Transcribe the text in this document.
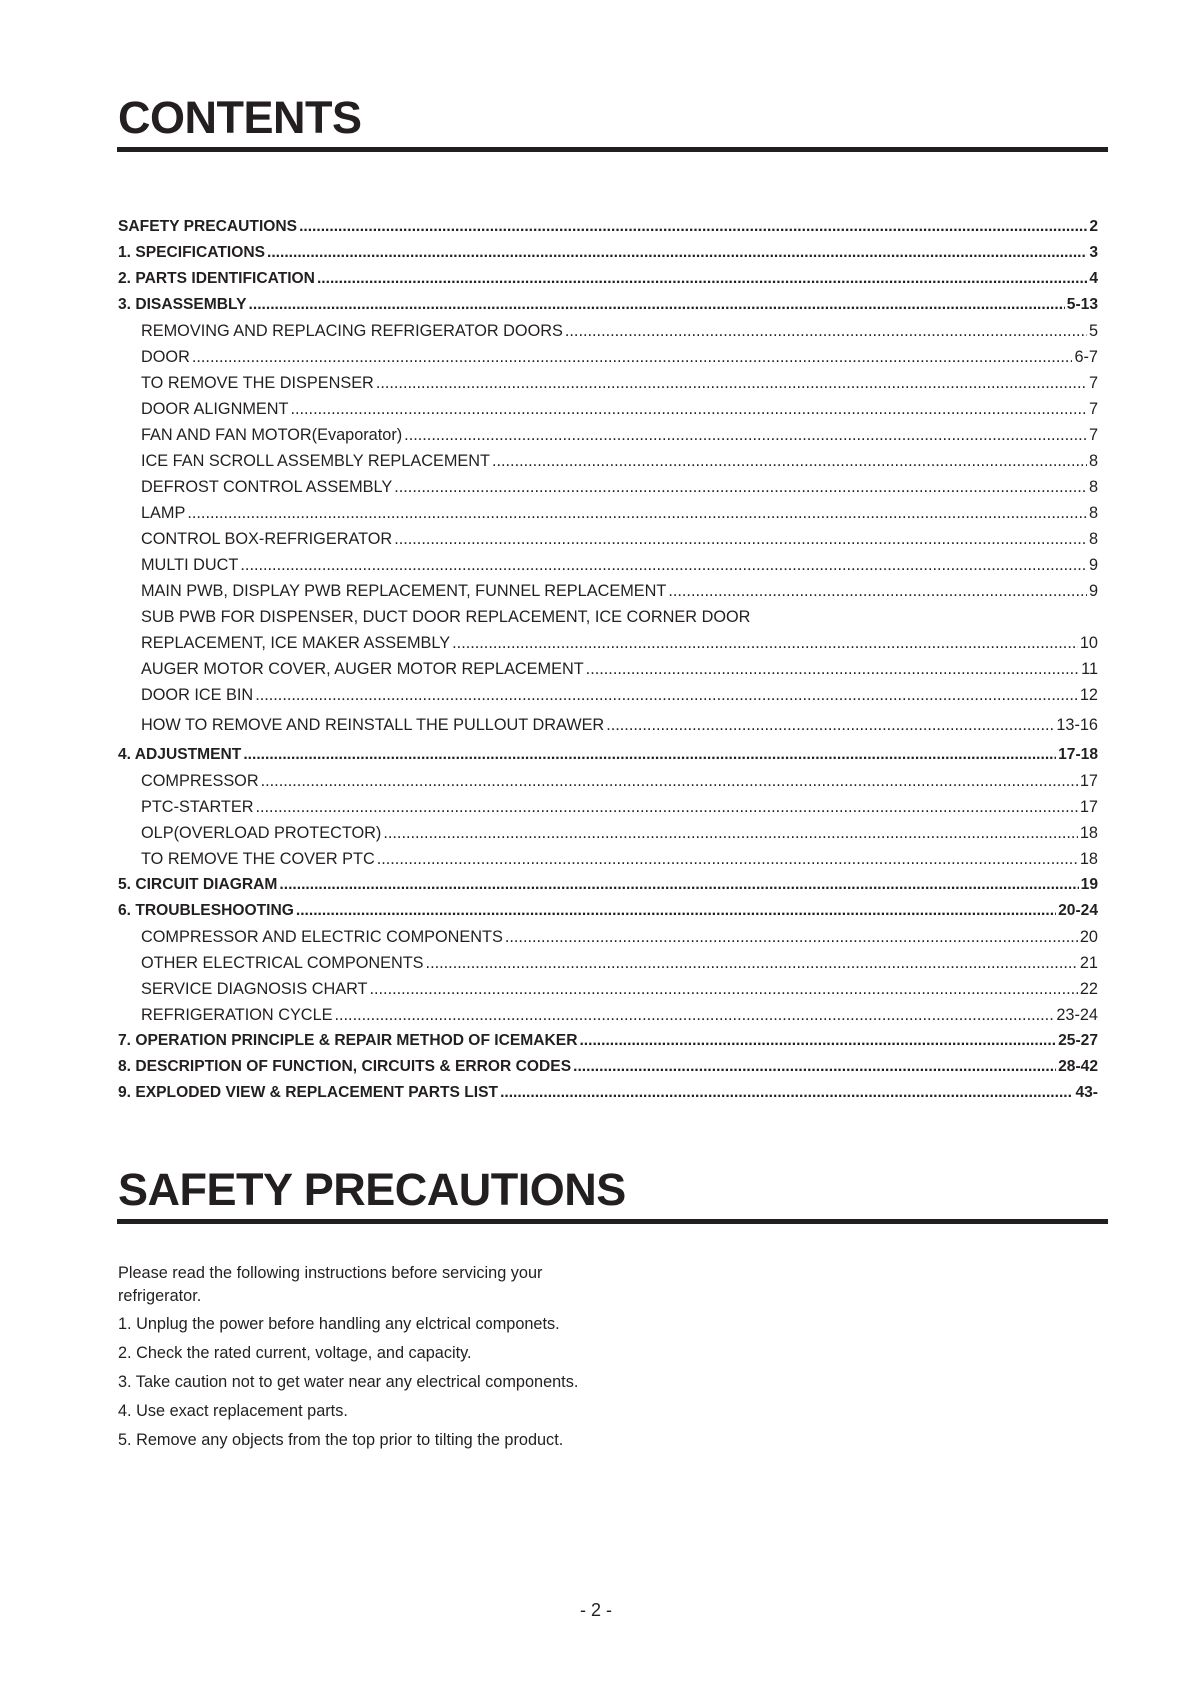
CONTENTS
SAFETY PRECAUTIONS .....	2
1. SPECIFICATIONS .....	3
2. PARTS IDENTIFICATION .....	4
3. DISASSEMBLY .....	5-13
REMOVING AND REPLACING REFRIGERATOR DOORS .....	5
DOOR .....	6-7
TO REMOVE THE DISPENSER .....	7
DOOR ALIGNMENT .....	7
FAN AND FAN MOTOR(Evaporator) .....	7
ICE FAN SCROLL ASSEMBLY REPLACEMENT .....	8
DEFROST CONTROL ASSEMBLY .....	8
LAMP .....	8
CONTROL BOX-REFRIGERATOR .....	8
MULTI DUCT .....	9
MAIN PWB, DISPLAY PWB REPLACEMENT, FUNNEL REPLACEMENT .....	9
SUB PWB FOR DISPENSER, DUCT DOOR REPLACEMENT, ICE CORNER DOOR
REPLACEMENT, ICE MAKER ASSEMBLY .....	10
AUGER MOTOR COVER, AUGER MOTOR REPLACEMENT .....	11
DOOR ICE BIN .....	12
HOW TO REMOVE AND REINSTALL THE PULLOUT DRAWER .....	13-16
4. ADJUSTMENT .....	17-18
COMPRESSOR .....	17
PTC-STARTER .....	17
OLP(OVERLOAD PROTECTOR) .....	18
TO REMOVE THE COVER PTC .....	18
5. CIRCUIT DIAGRAM .....	19
6. TROUBLESHOOTING .....	20-24
COMPRESSOR AND ELECTRIC COMPONENTS .....	20
OTHER ELECTRICAL COMPONENTS .....	21
SERVICE DIAGNOSIS CHART .....	22
REFRIGERATION CYCLE .....	23-24
7. OPERATION PRINCIPLE & REPAIR METHOD OF ICEMAKER .....	25-27
8. DESCRIPTION OF FUNCTION, CIRCUITS & ERROR CODES .....	28-42
9. EXPLODED VIEW & REPLACEMENT PARTS LIST .....	43-
SAFETY PRECAUTIONS

Please read the following instructions before servicing your refrigerator.

1. Unplug the power before handling any elctrical componets.
2. Check the rated current, voltage, and capacity.
3. Take caution not to get water near any electrical components.
4. Use exact replacement parts.
5. Remove any objects from the top prior to tilting the product.
- 2 -
